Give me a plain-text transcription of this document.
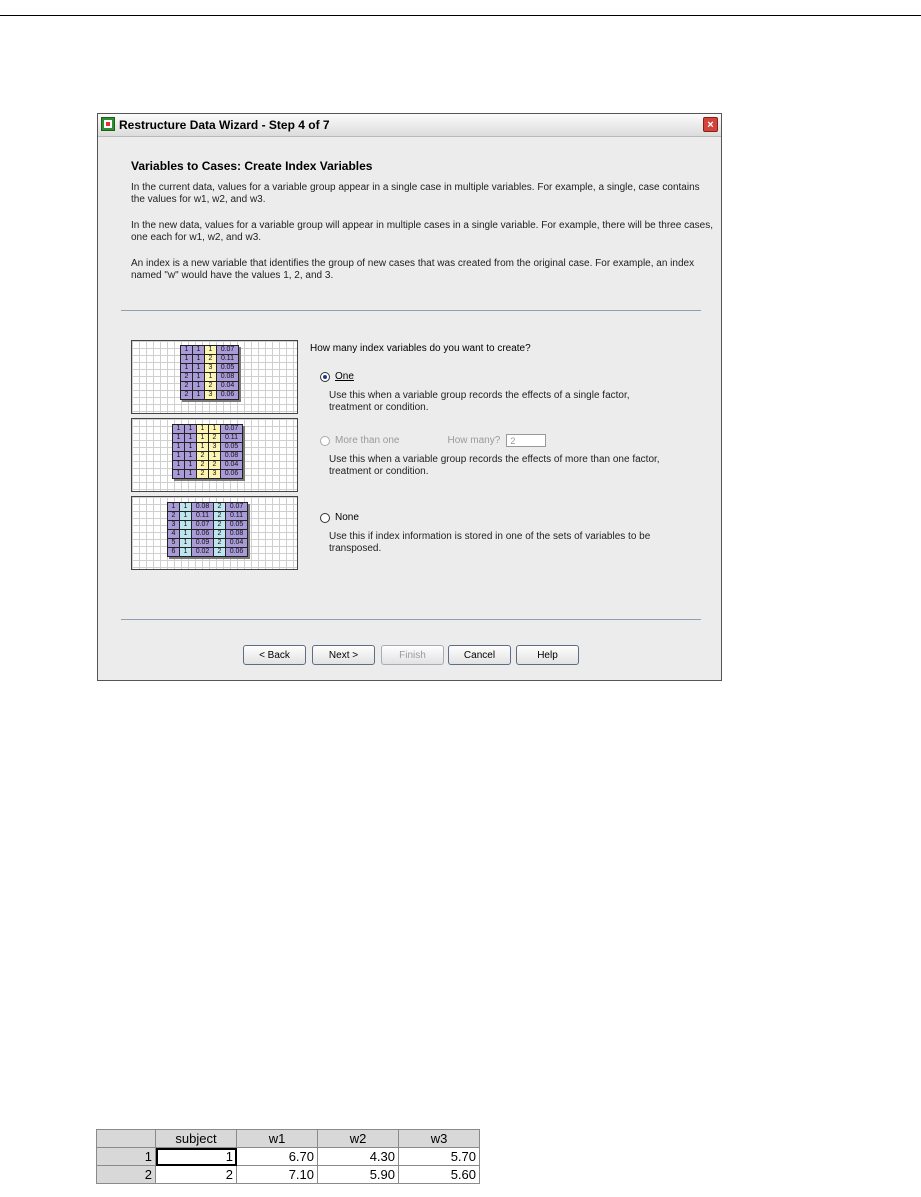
Restructure Data Wizard - Step 4 of 7	×
Variables to Cases: Create Index Variables
In the current data, values for a variable group appear in a single case in multiple variables. For example, a single, case contains the values for w1, w2, and w3.
In the new data, values for a variable group will appear in multiple cases in a single variable. For example, there will be three cases, one each for w1, w2, and w3.
An index is a new variable that identifies the group of new cases that was created from the original case. For example, an index named "w" would have the values 1, 2, and 3.
1	1	1	0.07
1	1	2	0.11
1	1	3	0.05
2	1	1	0.08
2	1	2	0.04
2	1	3	0.06
1	1	1	1	0.07
1	1	1	2	0.11
1	1	1	3	0.05
1	1	2	1	0.08
1	1	2	2	0.04
1	1	2	3	0.06
1	1	0.08	2	0.07
2	1	0.11	2	0.11
3	1	0.07	2	0.05
4	1	0.06	2	0.08
5	1	0.09	2	0.04
6	1	0.02	2	0.06
How many index variables do you want to create?
One
Use this when a variable group records the effects of a single factor, treatment or condition.
More than one	How many?	2
Use this when a variable group records the effects of more than one factor, treatment or condition.
None
Use this if index information is stored in one of the sets of variables to be transposed.
< Back	Next >	Finish	Cancel	Help
	subject	w1	w2	w3
1	1	6.70	4.30	5.70
2	2	7.10	5.90	5.60
